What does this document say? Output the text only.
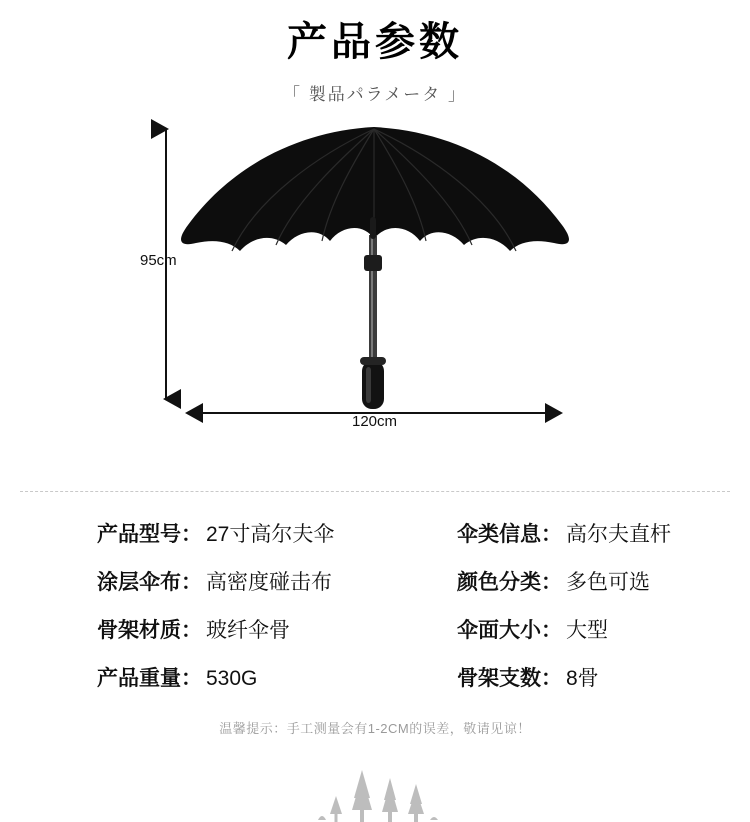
产品参数
「 製品パラメータ 」
95cm
120cm
产品型号： 27寸高尔夫伞	伞类信息： 高尔夫直杆
涂层伞布： 高密度碰击布	颜色分类： 多色可选
骨架材质： 玻纤伞骨	伞面大小： 大型
产品重量： 530G	骨架支数： 8骨
温馨提示：手工测量会有1-2CM的误差，敬请见谅！
